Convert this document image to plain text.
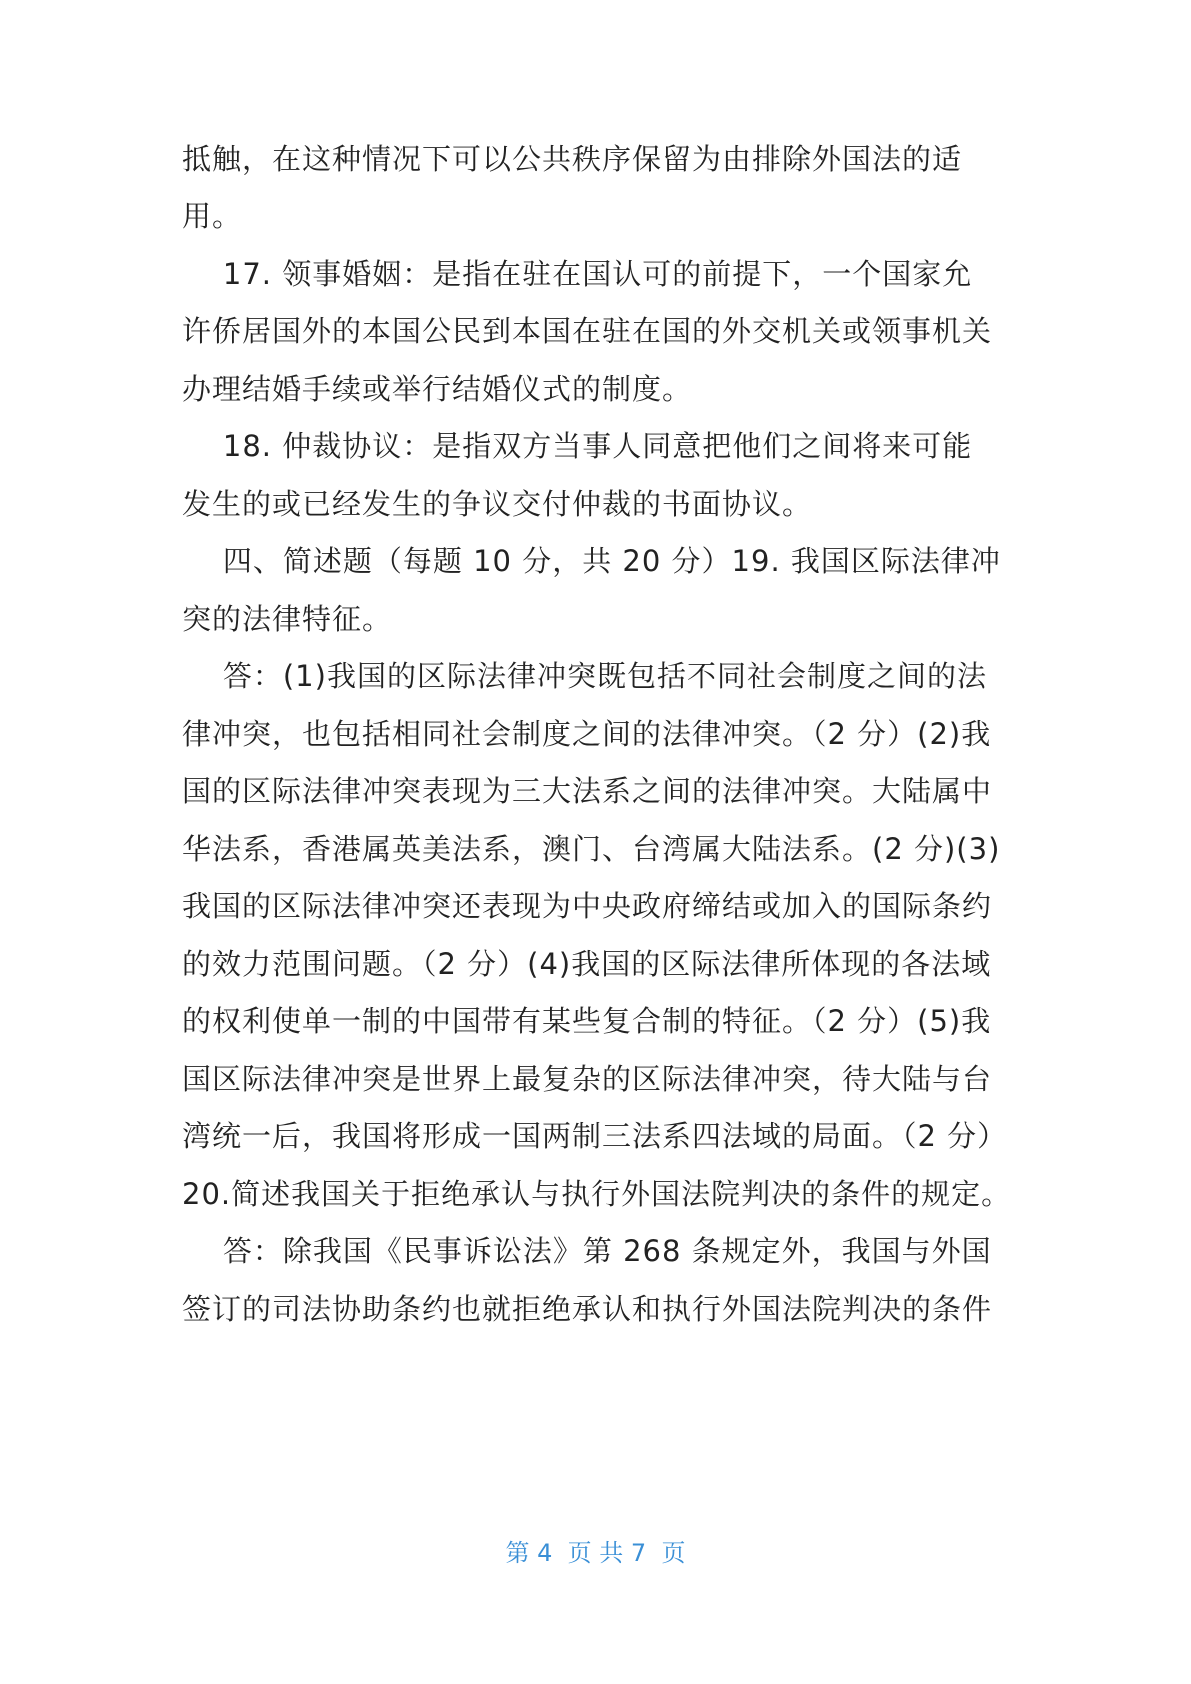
抵触，在这种情况下可以公共秩序保留为由排除外国法的适
用。
17. 领事婚姻：是指在驻在国认可的前提下，一个国家允
许侨居国外的本国公民到本国在驻在国的外交机关或领事机关
办理结婚手续或举行结婚仪式的制度。
18. 仲裁协议：是指双方当事人同意把他们之间将来可能
发生的或已经发生的争议交付仲裁的书面协议。
四、简述题（每题 10 分，共 20 分）19. 我国区际法律冲
突的法律特征。
答：(1)我国的区际法律冲突既包括不同社会制度之间的法
律冲突，也包括相同社会制度之间的法律冲突。（2 分）(2)我
国的区际法律冲突表现为三大法系之间的法律冲突。大陆属中
华法系，香港属英美法系，澳门、台湾属大陆法系。(2 分)(3)
我国的区际法律冲突还表现为中央政府缔结或加入的国际条约
的效力范围问题。（2 分）(4)我国的区际法律所体现的各法域
的权利使单一制的中国带有某些复合制的特征。（2 分）(5)我
国区际法律冲突是世界上最复杂的区际法律冲突，待大陆与台
湾统一后，我国将形成一国两制三法系四法域的局面。（2 分）
20.简述我国关于拒绝承认与执行外国法院判决的条件的规定。
答：除我国《民事诉讼法》第 268 条规定外，我国与外国
签订的司法协助条约也就拒绝承认和执行外国法院判决的条件
第 4  页 共 7  页
